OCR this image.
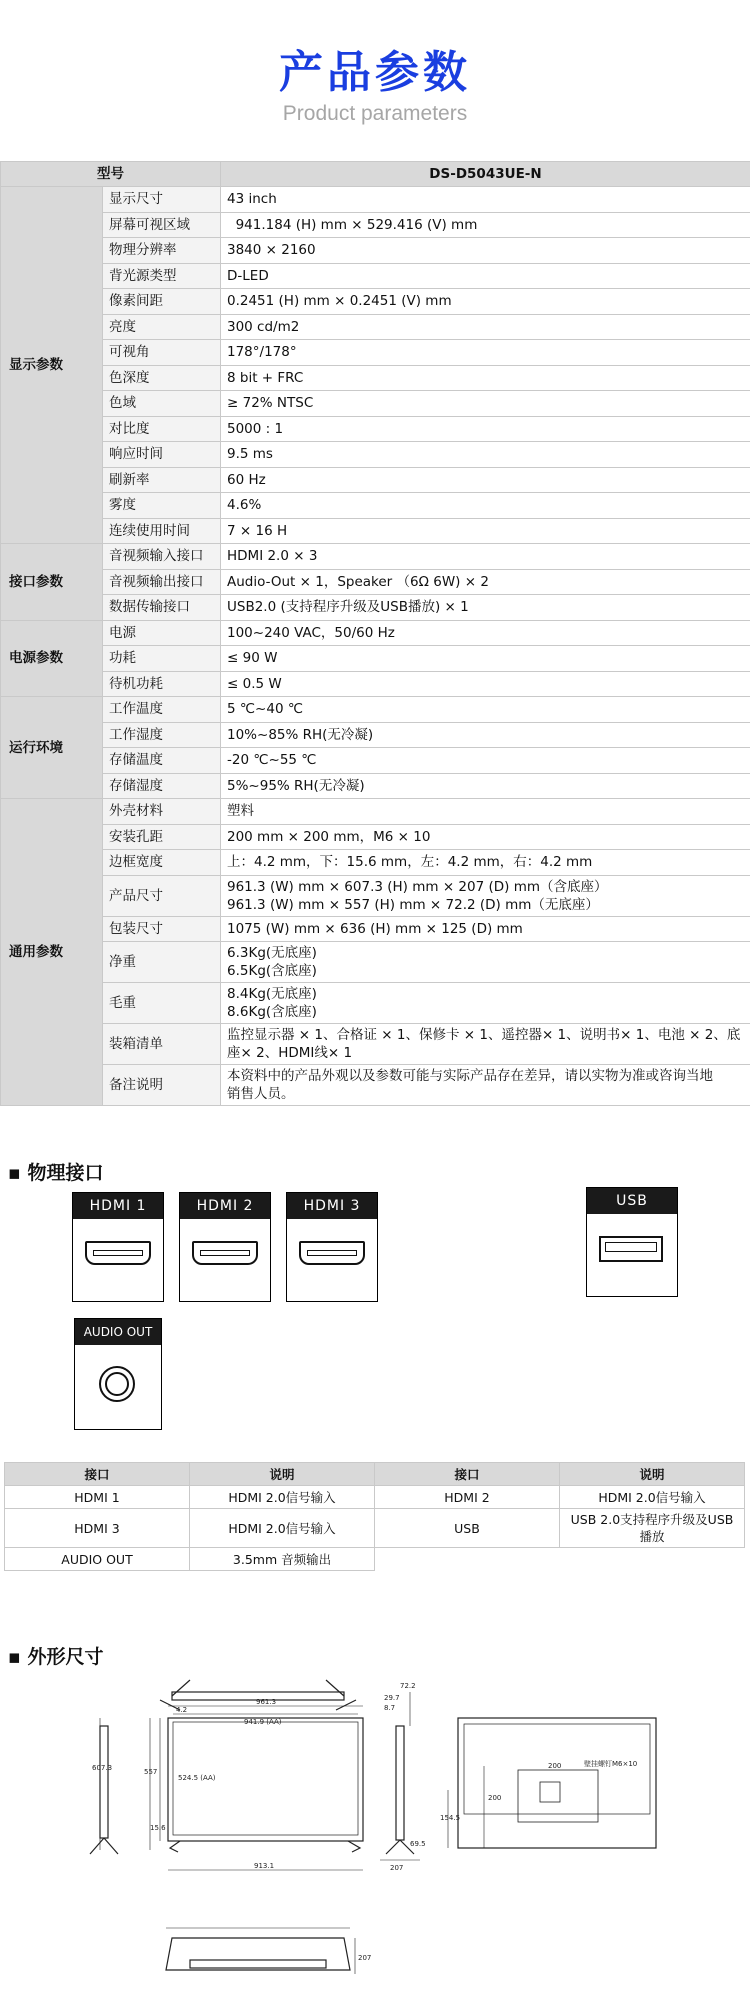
产品参数
Product parameters
型号		DS-D5043UE-N
显示参数	显示尺寸	43 inch

	屏幕可视区域	941.184 (H) mm × 529.416 (V) mm

	物理分辨率	3840 × 2160

	背光源类型	D-LED

	像素间距	0.2451 (H) mm × 0.2451 (V) mm

	亮度	300 cd/m2

	可视角	178°/178°

	色深度	8 bit + FRC

	色域	≥ 72% NTSC

	对比度	5000 : 1

	响应时间	9.5 ms

	刷新率	60 Hz

	雾度	4.6%

	连续使用时间	7 × 16 H

接口参数	音视频输入接口	HDMI 2.0 × 3

	音视频输出接口	Audio-Out × 1，Speaker （6Ω 6W) × 2

	数据传输接口	USB2.0 (支持程序升级及USB播放) × 1

电源参数	电源	100~240 VAC，50/60 Hz

	功耗	≤ 90 W

	待机功耗	≤ 0.5 W

运行环境	工作温度	5 ℃~40 ℃

	工作湿度	10%~85% RH(无冷凝)

	存储温度	-20 ℃~55 ℃

	存储湿度	5%~95% RH(无冷凝)

通用参数	外壳材料	塑料

	安装孔距	200 mm × 200 mm，M6 × 10

	边框宽度	上：4.2 mm，下：15.6 mm，左：4.2 mm，右：4.2 mm

	产品尺寸	961.3 (W) mm × 607.3 (H) mm × 207 (D) mm（含底座）
961.3 (W) mm × 557 (H) mm × 72.2 (D) mm（无底座）

	包装尺寸	1075 (W) mm × 636 (H) mm × 125 (D) mm

	净重	6.3Kg(无底座)
6.5Kg(含底座)

	毛重	8.4Kg(无底座)
8.6Kg(含底座)

	装箱清单	监控显示器 × 1、合格证 × 1、保修卡 × 1、遥控器× 1、说明书× 1、电池 × 2、底
座× 2、HDMI线× 1

	备注说明	本资料中的产品外观以及参数可能与实际产品存在差异，请以实物为准或咨询当地
销售人员。
▪ 物理接口
HDMI 1	HDMI 2	HDMI 3	USB
AUDIO OUT
接口	说明	接口	说明
HDMI 1	HDMI 2.0信号输入	HDMI 2	HDMI 2.0信号输入
HDMI 3	HDMI 2.0信号输入	USB	USB 2.0支持程序升级及USB
播放
AUDIO OUT	3.5mm 音频输出		
▪ 外形尺寸
961.3
941.9 (AA)
913.1
607.3	557
524.5 (AA)
15.6
4.2
72.2
29.7
8.7
69.5
207
200
154.5
200	壁挂螺钉M6×10
207
